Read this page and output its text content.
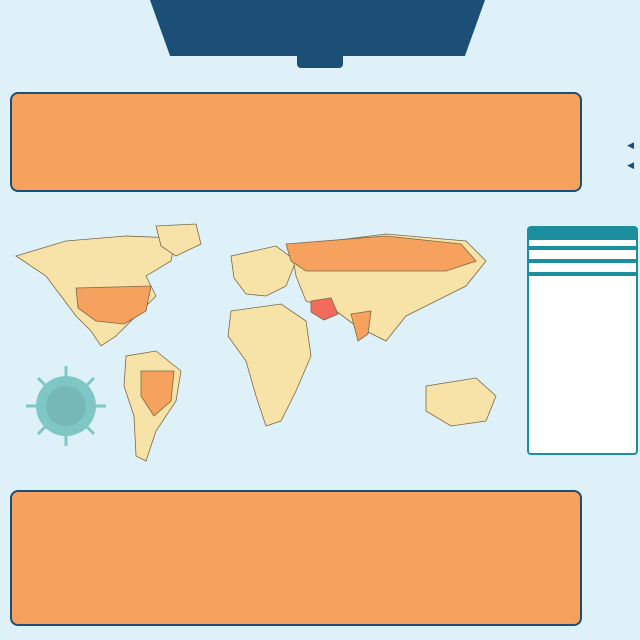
◀
◀
